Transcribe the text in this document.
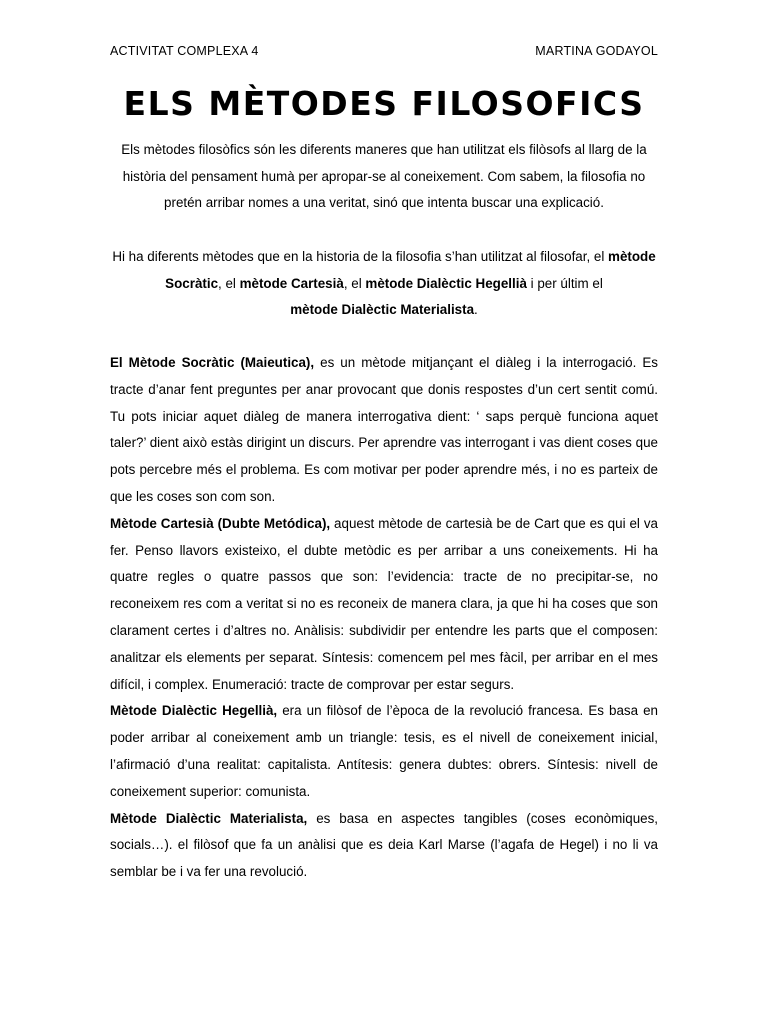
ACTIVITAT COMPLEXA 4	MARTINA GODAYOL
ELS MÈTODES FILOSOFICS
Els mètodes filosòfics són les diferents maneres que han utilitzat els filòsofs al llarg de la història del pensament humà per apropar-se al coneixement. Com sabem, la filosofia no pretén arribar nomes a una veritat, sinó que intenta buscar una explicació.
Hi ha diferents mètodes que en la historia de la filosofia s’han utilitzat al filosofar, el mètode Socràtic, el mètode Cartesià, el mètode Dialèctic Hegellià i per últim el
mètode Dialèctic Materialista.

El Mètode Socràtic (Maieutica), es un mètode mitjançant el diàleg i la interrogació. Es tracte d’anar fent preguntes per anar provocant que donis respostes d’un cert sentit comú. Tu pots iniciar aquet diàleg de manera interrogativa dient: ‘ saps perquè funciona aquet taler?’ dient això estàs dirigint un discurs. Per aprendre vas interrogant i vas dient coses que pots percebre més el problema. Es com motivar per poder aprendre més, i no es parteix de que les coses son com son.

Mètode Cartesià (Dubte Metódica), aquest mètode de cartesià be de Cart que es qui el va fer. Penso llavors existeixo, el dubte metòdic es per arribar a uns coneixements. Hi ha quatre regles o quatre passos que son: l’evidencia: tracte de no precipitar-se, no reconeixem res com a veritat si no es reconeix de manera clara, ja que hi ha coses que son clarament certes i d’altres no. Anàlisis: subdividir per entendre les parts que el composen: analitzar els elements per separat. Síntesis: comencem pel mes fàcil, per arribar en el mes difícil, i complex. Enumeració: tracte de comprovar per estar segurs.

Mètode Dialèctic Hegellià, era un filòsof de l’època de la revolució francesa. Es basa en poder arribar al coneixement amb un triangle: tesis, es el nivell de coneixement inicial, l’afirmació d’una realitat: capitalista. Antítesis: genera dubtes: obrers. Síntesis: nivell de coneixement superior: comunista.

Mètode Dialèctic Materialista, es basa en aspectes tangibles (coses econòmiques, socials…). el filòsof que fa un anàlisi que es deia Karl Marse (l’agafa de Hegel) i no li va semblar be i va fer una revolució.
